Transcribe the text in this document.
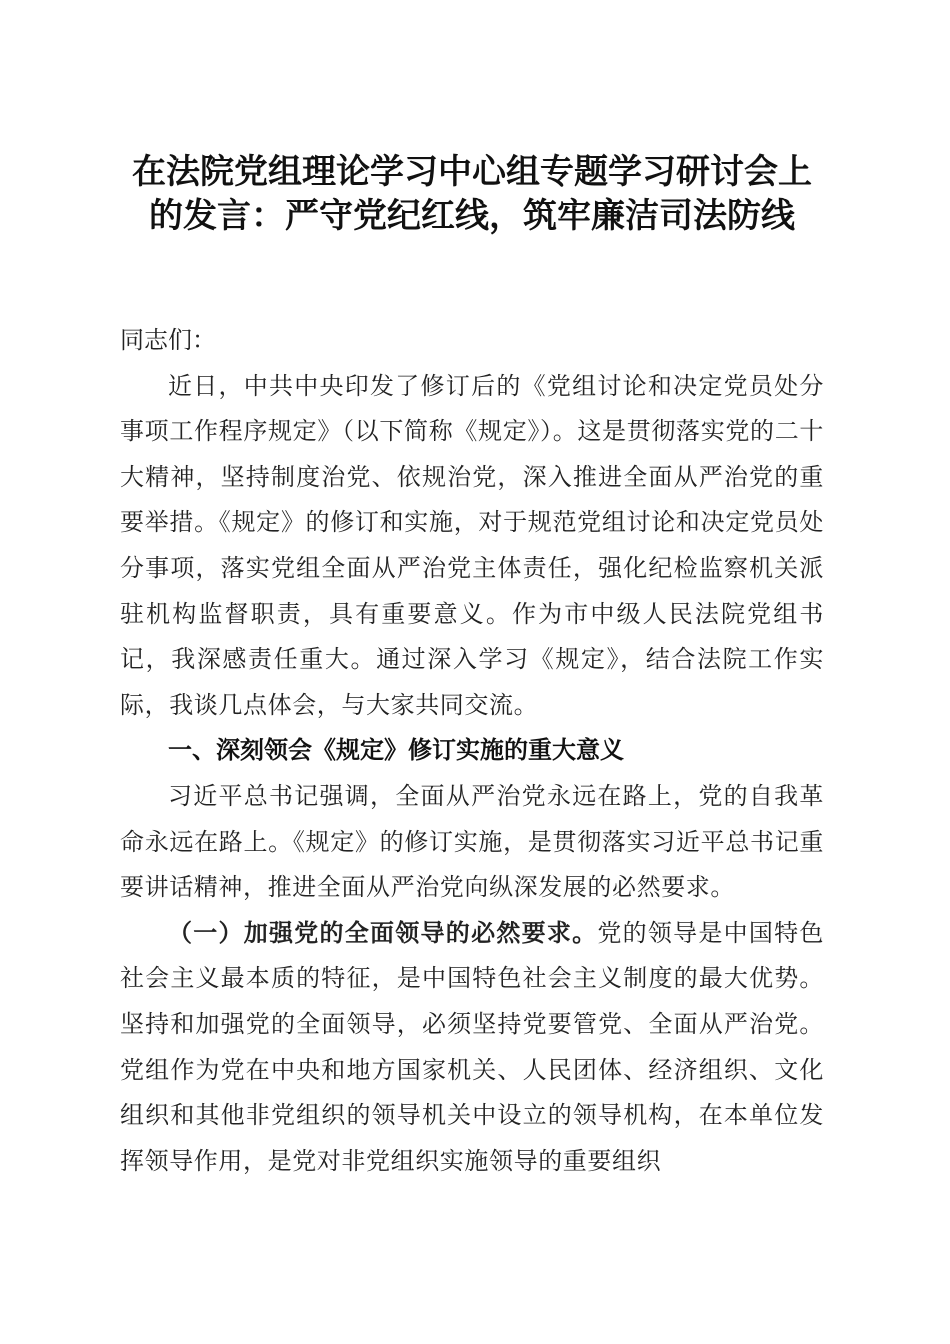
在法院党组理论学习中心组专题学习研讨会上
的发言：严守党纪红线，筑牢廉洁司法防线

同志们：

近日，中共中央印发了修订后的《党组讨论和决定党员处分事项工作程序规定》（以下简称《规定》）。这是贯彻落实党的二十大精神，坚持制度治党、依规治党，深入推进全面从严治党的重要举措。《规定》的修订和实施，对于规范党组讨论和决定党员处分事项，落实党组全面从严治党主体责任，强化纪检监察机关派驻机构监督职责，具有重要意义。作为市中级人民法院党组书记，我深感责任重大。通过深入学习《规定》，结合法院工作实际，我谈几点体会，与大家共同交流。

一、深刻领会《规定》修订实施的重大意义

习近平总书记强调，全面从严治党永远在路上，党的自我革命永远在路上。《规定》的修订实施，是贯彻落实习近平总书记重要讲话精神，推进全面从严治党向纵深发展的必然要求。

（一）加强党的全面领导的必然要求。党的领导是中国特色社会主义最本质的特征，是中国特色社会主义制度的最大优势。坚持和加强党的全面领导，必须坚持党要管党、全面从严治党。党组作为党在中央和地方国家机关、人民团体、经济组织、文化组织和其他非党组织的领导机关中设立的领导机构，在本单位发挥领导作用，是党对非党组织实施领导的重要组织
